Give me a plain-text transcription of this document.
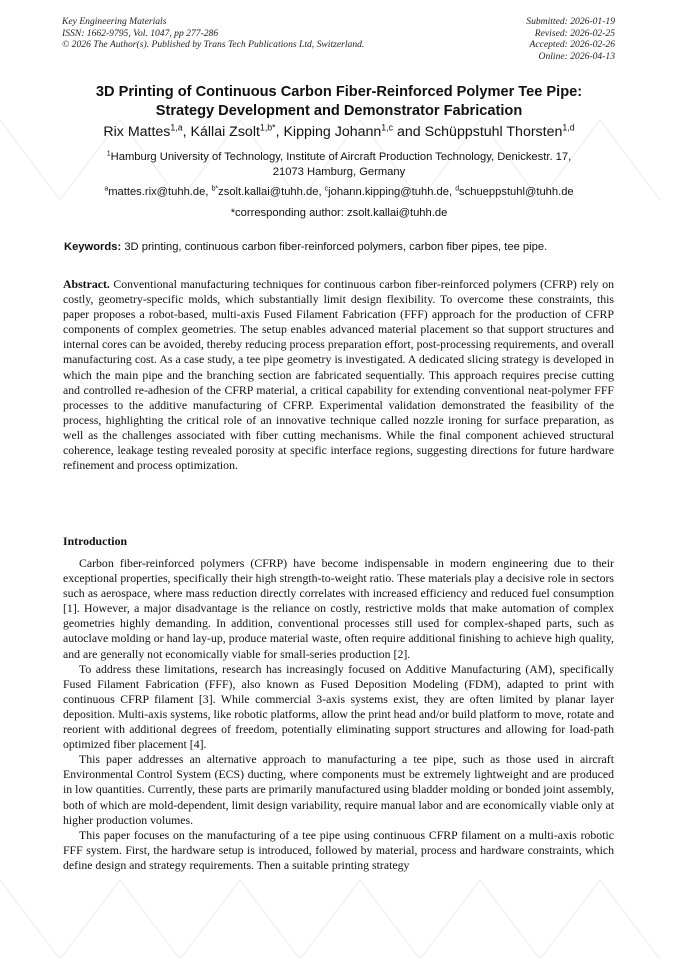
Key Engineering Materials
ISSN: 1662-9795, Vol. 1047, pp 277-286
© 2026 The Author(s). Published by Trans Tech Publications Ltd, Switzerland.
Submitted: 2026-01-19
Revised: 2026-02-25
Accepted: 2026-02-26
Online: 2026-04-13
3D Printing of Continuous Carbon Fiber-Reinforced Polymer Tee Pipe:
Strategy Development and Demonstrator Fabrication
Rix Mattes$^{1,a}$, Kállai Zsolt$^{1,b*}$, Kipping Johann$^{1,c}$ and Schüppstuhl Thorsten$^{1,d}$
$^1$Hamburg University of Technology, Institute of Aircraft Production Technology, Denickestr. 17,
21073 Hamburg, Germany
$^a$mattes.rix@tuhh.de, $^{b*}$zsolt.kallai@tuhh.de, $^c$johann.kipping@tuhh.de, $^d$schueppstuhl@tuhh.de
*corresponding author: zsolt.kallai@tuhh.de
Keywords: 3D printing, continuous carbon fiber-reinforced polymers, carbon fiber pipes, tee pipe.
Abstract. Conventional manufacturing techniques for continuous carbon fiber-reinforced polymers (CFRP) rely on costly, geometry-specific molds, which substantially limit design flexibility. To overcome these constraints, this paper proposes a robot-based, multi-axis Fused Filament Fabrication (FFF) approach for the production of CFRP components of complex geometries. The setup enables advanced material placement so that support structures and internal cores can be avoided, thereby reducing process preparation effort, post-processing requirements, and overall manufacturing cost. As a case study, a tee pipe geometry is investigated. A dedicated slicing strategy is developed in which the main pipe and the branching section are fabricated sequentially. This approach requires precise cutting and controlled re-adhesion of the CFRP material, a critical capability for extending conventional neat-polymer FFF processes to the additive manufacturing of CFRP. Experimental validation demonstrated the feasibility of the process, highlighting the critical role of an innovative technique called nozzle ironing for surface preparation, as well as the challenges associated with fiber cutting mechanisms. While the final component achieved structural coherence, leakage testing revealed porosity at specific interface regions, suggesting directions for future hardware refinement and process optimization.
Introduction

Carbon fiber-reinforced polymers (CFRP) have become indispensable in modern engineering due to their exceptional properties, specifically their high strength-to-weight ratio. These materials play a decisive role in sectors such as aerospace, where mass reduction directly correlates with increased efficiency and reduced fuel consumption [1]. However, a major disadvantage is the reliance on costly, restrictive molds that make automation of complex geometries highly demanding. In addition, conventional processes still used for complex-shaped parts, such as autoclave molding or hand lay-up, produce material waste, often require additional finishing to achieve high quality, and are generally not economically viable for small-series production [2].

To address these limitations, research has increasingly focused on Additive Manufacturing (AM), specifically Fused Filament Fabrication (FFF), also known as Fused Deposition Modeling (FDM), adapted to print with continuous CFRP filament [3]. While commercial 3-axis systems exist, they are often limited by planar layer deposition. Multi-axis systems, like robotic platforms, allow the print head and/or build platform to move, rotate and reorient with additional degrees of freedom, potentially eliminating support structures and allowing for load-path optimized fiber placement [4].

This paper addresses an alternative approach to manufacturing a tee pipe, such as those used in aircraft Environmental Control System (ECS) ducting, where components must be extremely lightweight and are produced in low quantities. Currently, these parts are primarily manufactured using bladder molding or bonded joint assembly, both of which are mold-dependent, limit design variability, require manual labor and are economically viable only at higher production volumes.

This paper focuses on the manufacturing of a tee pipe using continuous CFRP filament on a multi-axis robotic FFF system. First, the hardware setup is introduced, followed by material, process and hardware constraints, which define design and strategy requirements. Then a suitable printing strategy
